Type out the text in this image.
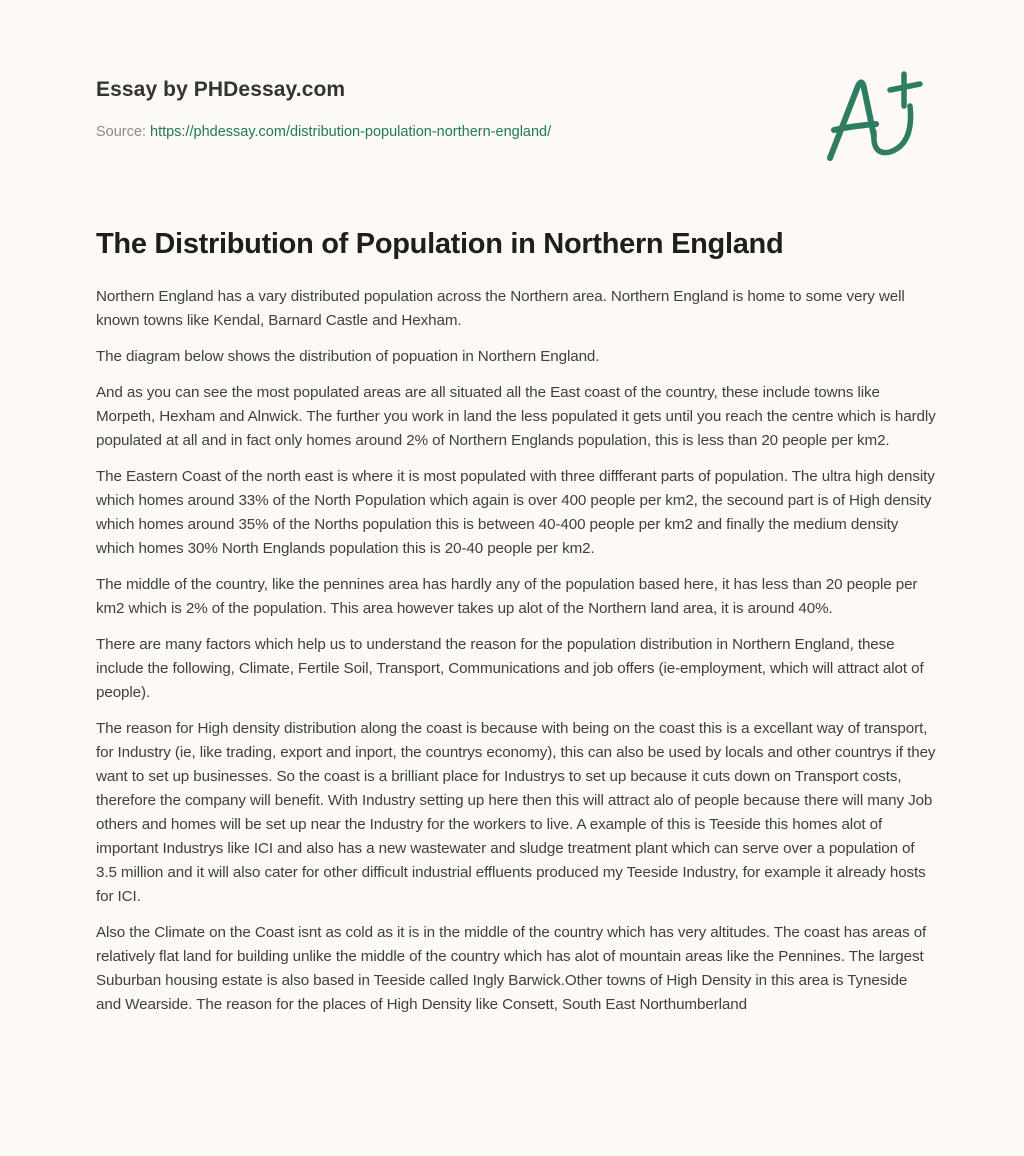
Essay by PHDessay.com
Source: https://phdessay.com/distribution-population-northern-england/
The Distribution of Population in Northern England

Northern England has a vary distributed population across the Northern area. Northern England is home to some very well known towns like Kendal, Barnard Castle and Hexham.

The diagram below shows the distribution of popuation in Northern England.

And as you can see the most populated areas are all situated all the East coast of the country, these include towns like Morpeth, Hexham and Alnwick. The further you work in land the less populated it gets until you reach the centre which is hardly populated at all and in fact only homes around 2% of Northern Englands population, this is less than 20 people per km2.

The Eastern Coast of the north east is where it is most populated with three diffferant parts of population. The ultra high density which homes around 33% of the North Population which again is over 400 people per km2, the secound part is of High density which homes around 35% of the Norths population this is between 40-400 people per km2 and finally the medium density which homes 30% North Englands population this is 20-40 people per km2.

The middle of the country, like the pennines area has hardly any of the population based here, it has less than 20 people per km2 which is 2% of the population. This area however takes up alot of the Northern land area, it is around 40%.

There are many factors which help us to understand the reason for the population distribution in Northern England, these include the following, Climate, Fertile Soil, Transport, Communications and job offers (ie-employment, which will attract alot of people).

The reason for High density distribution along the coast is because with being on the coast this is a excellant way of transport, for Industry (ie, like trading, export and inport, the countrys economy), this can also be used by locals and other countrys if they want to set up businesses. So the coast is a brilliant place for Industrys to set up because it cuts down on Transport costs, therefore the company will benefit. With Industry setting up here then this will attract alo of people because there will many Job others and homes will be set up near the Industry for the workers to live. A example of this is Teeside this homes alot of important Industrys like ICI and also has a new wastewater and sludge treatment plant which can serve over a population of 3.5 million and it will also cater for other difficult industrial effluents produced my Teeside Industry, for example it already hosts for ICI.

Also the Climate on the Coast isnt as cold as it is in the middle of the country which has very altitudes. The coast has areas of relatively flat land for building unlike the middle of the country which has alot of mountain areas like the Pennines. The largest Suburban housing estate is also based in Teeside called Ingly Barwick.Other towns of High Density in this area is Tyneside and Wearside. The reason for the places of High Density like Consett, South East Northumberland
